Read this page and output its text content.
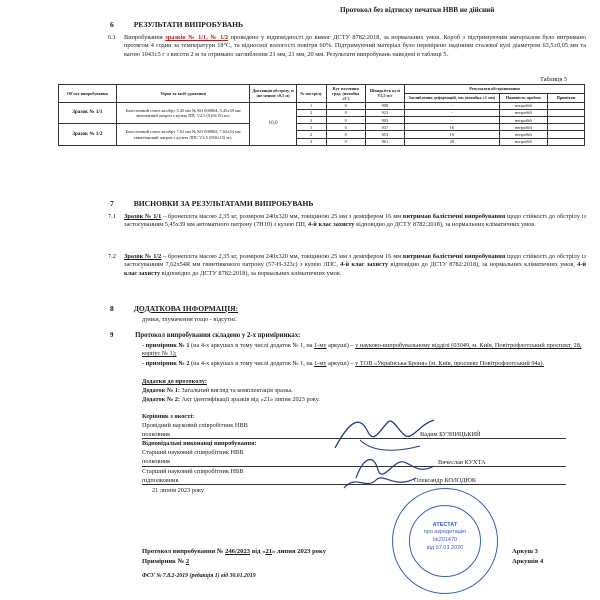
Протокол без відтиску печатки НВВ не дійсний
6	РЕЗУЛЬТАТИ ВИПРОБУВАНЬ
6.1 Випробування зразків № 1/1, № 1/2 проведено у відповідності до вимог ДСТУ 8782:2018, за нормальних умов. Короб з підтримуючим матеріалом було витримано протягом 4 годин за температури 18°С, та відносної вологості повітря 60%. Підтримуючий матеріал було перевірено падінням сталевої кулі діаметром 63,5±0,05 мм та вагою 1043±5 г з висоти 2 м та отримано заглиблення 21 мм, 21 мм, 20 мм. Результати випробувань наведені в таблиці 5.
Таблиця 5
Об'єкт випробування	Зброя та засіб ураження	Дистанція обстрілу, м (не менше ±0,5 м)	№ пострілу	Кут влучення град. (похибка ±5°)	Швидкість кулі V2,5 м/с	Результати обстрілювання		
						Заглиблення деформацій, мм (похибка ±1 мм)	Наявність пробою	Примітки
Зразок № 1/1	Балістичний ствол калібру 5,45 мм № КО 000004, 5,45х39 мм автоматний патрон з кулею ПП, V2,5 (910±15) м/с	10,0	1	0	908	-	непробій	
			2	0	923	-	непробій	
			3	0	903	-	непробій	
Зразок № 1/2	Балістичний ствол калібру 7,62 мм № КО 000002, 7,62х54 мм гвинтівковий патрон з кулею ЛПС V2,5 (850±15) м/с		1	0	837	16	непробій	
			2	0	853	16	непробій	
			3	0	861	20	непробій	
7	ВИСНОВКИ ЗА РЕЗУЛЬТАТАМИ ВИПРОБУВАНЬ
7.1 Зразок № 1/1 – бронепліта масою 2,35 кг, розміром 240х320 мм, товщиною 25 мм з демпфером 16 мм витримав балістичні випробування щодо стійкості до обстрілу із застосуванням 5,45х39 мм автоматного патрону (7Н10) з кулею ПП, 4-й клас захисту відповідно до ДСТУ 8782:2018), за нормальних кліматичних умов.
7.2 Зразок № 1/2 – бронепліта масою 2,35 кг, розміром 240х320 мм, товщиною 25 мм з демпфером 16 мм витримав балістичні випробування щодо стійкості до обстрілу із застосуванням 7,62х54R мм гвинтівкового патрону (57-Н-323с) з кулею ЛПС, 4-й клас захисту відповідно до ДСТУ 8782:2018), за нормальних кліматичних умов, 4-й клас захисту відповідно до ДСТУ 8782:2018), за нормальних кліматичних умов.
8	ДОДАТКОВА ІНФОРМАЦІЯ:
думки, тлумачення тощо - відсутні.
9	Протокол випробування складено у 2-х примірниках:
- примірник № 1 (на 4-х аркушах в тому числі додаток № 1, на 1-му аркуші) – у науково-випробувальному відділі (03049, м. Київ, Повітрофлотський проспект, 28, корпус № 1);
- примірник № 2 (на 4-х аркушах в тому числі додаток № 1, на 1-му аркуші) – у ТОВ «Українська Броня» (м. Київ, проспект Повітрофлотський 94а).
Додатки до протоколу:
Додаток № 1: Загальний вигляд та комплектація зразка.
Додаток № 2: Акт ідентифікації зразків від «21» липня 2023 року.
Керівник з якості:
Провідний науковий співробітник НВВ
полковник	Вадим БУЗНИЦЬКИЙ
Відповідальні виконавці випробування:
Старший науковий співробітник НВВ
полковник	Вячеслав КУХТА
Старший науковий співробітник НВВ
підполковник	Олександр КОЛОДЮК
21 липня 2023 року
АТЕСТАТ
про акредитацію
№201470
від 07.03.2020
Протокол випробування № 246/2023 від «21» липня 2023 року
Примірник № 2
Аркуш 3
Аркушів 4
ФСУ № 7.8.2-2019 (редакція 1) від 30.01.2019
